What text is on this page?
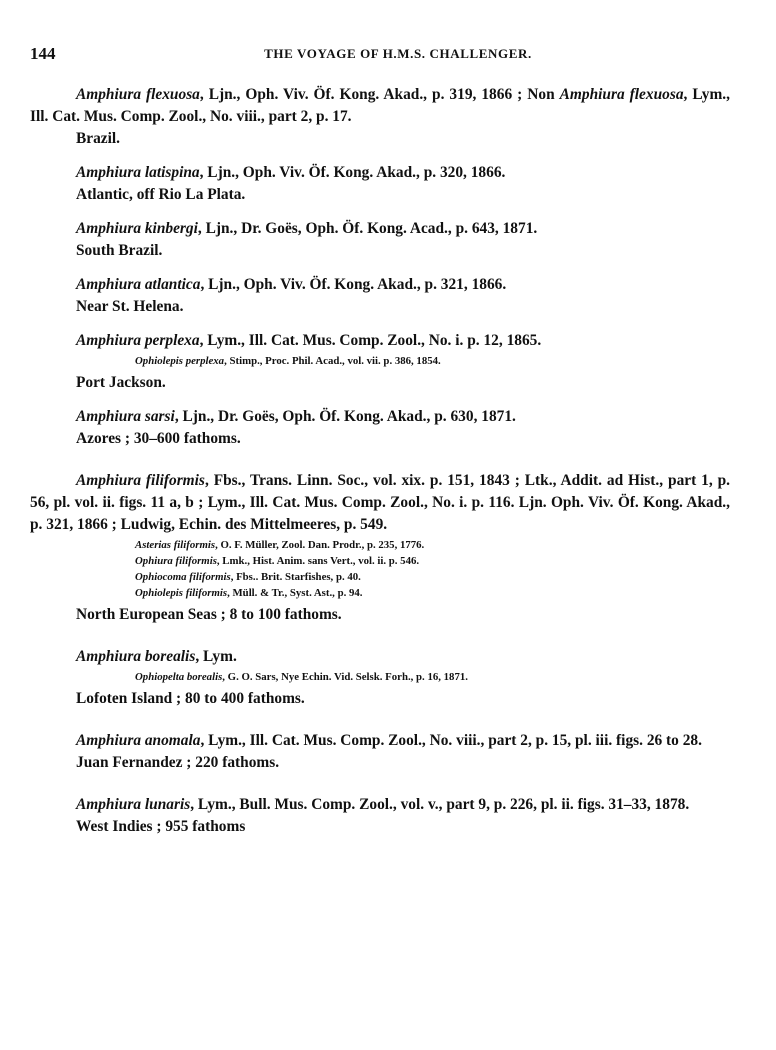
144	THE VOYAGE OF H.M.S. CHALLENGER.

Amphiura flexuosa, Ljn., Oph. Viv. Öf. Kong. Akad., p. 319, 1866 ; Non Amphiura flexuosa, Lym., Ill. Cat. Mus. Comp. Zool., No. viii., part 2, p. 17.

Brazil.

Amphiura latispina, Ljn., Oph. Viv. Öf. Kong. Akad., p. 320, 1866.

Atlantic, off Rio La Plata.

Amphiura kinbergi, Ljn., Dr. Goës, Oph. Öf. Kong. Acad., p. 643, 1871.

South Brazil.

Amphiura atlantica, Ljn., Oph. Viv. Öf. Kong. Akad., p. 321, 1866.

Near St. Helena.

Amphiura perplexa, Lym., Ill. Cat. Mus. Comp. Zool., No. i. p. 12, 1865.

Ophiolepis perplexa, Stimp., Proc. Phil. Acad., vol. vii. p. 386, 1854.

Port Jackson.

Amphiura sarsi, Ljn., Dr. Goës, Oph. Öf. Kong. Akad., p. 630, 1871.

Azores ; 30–600 fathoms.

Amphiura filiformis, Fbs., Trans. Linn. Soc., vol. xix. p. 151, 1843 ; Ltk., Addit. ad Hist., part 1, p. 56, pl. vol. ii. figs. 11 a, b ; Lym., Ill. Cat. Mus. Comp. Zool., No. i. p. 116. Ljn. Oph. Viv. Öf. Kong. Akad., p. 321, 1866 ; Ludwig, Echin. des Mittelmeeres, p. 549.

Asterias filiformis, O. F. Müller, Zool. Dan. Prodr., p. 235, 1776.

Ophiura filiformis, Lmk., Hist. Anim. sans Vert., vol. ii. p. 546.

Ophiocoma filiformis, Fbs.. Brit. Starfishes, p. 40.

Ophiolepis filiformis, Müll. & Tr., Syst. Ast., p. 94.

North European Seas ; 8 to 100 fathoms.

Amphiura borealis, Lym.

Ophiopelta borealis, G. O. Sars, Nye Echin. Vid. Selsk. Forh., p. 16, 1871.

Lofoten Island ; 80 to 400 fathoms.

Amphiura anomala, Lym., Ill. Cat. Mus. Comp. Zool., No. viii., part 2, p. 15, pl. iii. figs. 26 to 28.

Juan Fernandez ; 220 fathoms.

Amphiura lunaris, Lym., Bull. Mus. Comp. Zool., vol. v., part 9, p. 226, pl. ii. figs. 31–33, 1878.

West Indies ; 955 fathoms
